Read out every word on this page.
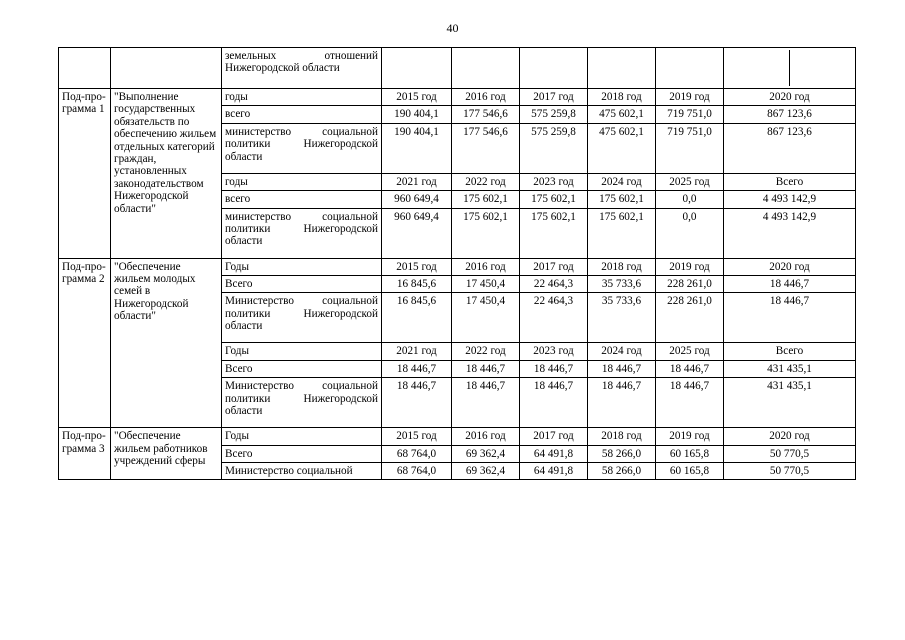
40
		земельных отношений Нижегородской области						

Под-про-грамма 1	"Выполнение государственных обязательств по обеспечению жильем отдельных категорий граждан, установленных законодательством Нижегородской области"	годы	2015 год	2016 год	2017 год	2018 год	2019 год	2020 год
		всего	190 404,1	177 546,6	575 259,8	475 602,1	719 751,0	867 123,6
		министерство социальной политики Нижегородской области	190 404,1	177 546,6	575 259,8	475 602,1	719 751,0	867 123,6
		годы	2021 год	2022 год	2023 год	2024 год	2025 год	Всего
		всего	960 649,4	175 602,1	175 602,1	175 602,1	0,0	4 493 142,9
		министерство социальной политики Нижегородской области	960 649,4	175 602,1	175 602,1	175 602,1	0,0	4 493 142,9
Под-про-грамма 2	"Обеспечение жильем молодых семей в Нижегородской области"	Годы	2015 год	2016 год	2017 год	2018 год	2019 год	2020 год
		Всего	16 845,6	17 450,4	22 464,3	35 733,6	228 261,0	18 446,7
		Министерство социальной политики Нижегородской области	16 845,6	17 450,4	22 464,3	35 733,6	228 261,0	18 446,7
		Годы	2021 год	2022 год	2023 год	2024 год	2025 год	Всего
		Всего	18 446,7	18 446,7	18 446,7	18 446,7	18 446,7	431 435,1
		Министерство социальной политики Нижегородской области	18 446,7	18 446,7	18 446,7	18 446,7	18 446,7	431 435,1
Под-про-грамма 3	"Обеспечение жильем работников учреждений сферы	Годы	2015 год	2016 год	2017 год	2018 год	2019 год	2020 год
		Всего	68 764,0	69 362,4	64 491,8	58 266,0	60 165,8	50 770,5
		Министерство социальной	68 764,0	69 362,4	64 491,8	58 266,0	60 165,8	50 770,5
